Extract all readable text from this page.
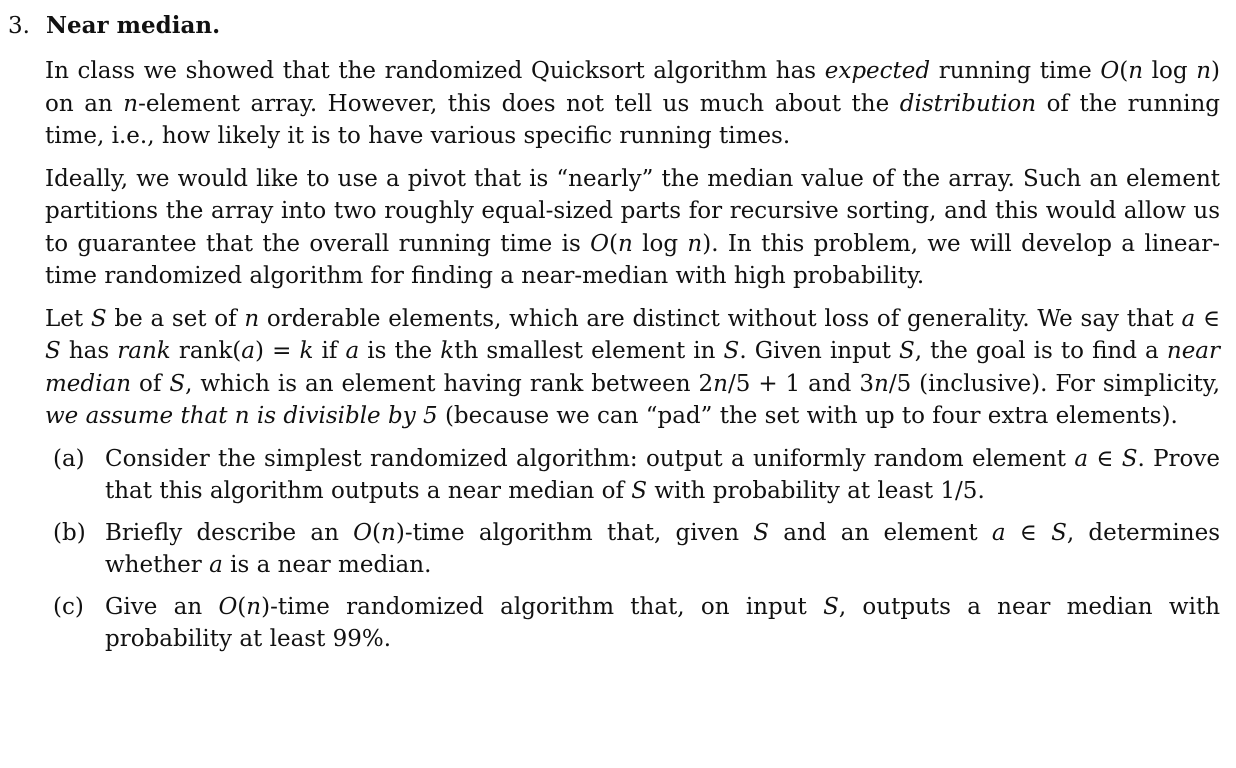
3. Near median.

In class we showed that the randomized Quicksort algorithm has expected running time O(n log n) on an n-element array. However, this does not tell us much about the distribution of the running time, i.e., how likely it is to have various specific running times.

Ideally, we would like to use a pivot that is “nearly” the median value of the array. Such an element partitions the array into two roughly equal-sized parts for recursive sorting, and this would allow us to guarantee that the overall running time is O(n log n). In this problem, we will develop a linear-time randomized algorithm for finding a near-median with high probability.

Let S be a set of n orderable elements, which are distinct without loss of generality. We say that a ∈ S has rank rank(a) = k if a is the kth smallest element in S. Given input S, the goal is to find a near median of S, which is an element having rank between 2n/5 + 1 and 3n/5 (inclusive). For simplicity, we assume that n is divisible by 5 (because we can “pad” the set with up to four extra elements).

(a) Consider the simplest randomized algorithm: output a uniformly random element a ∈ S. Prove that this algorithm outputs a near median of S with probability at least 1/5.
(b) Briefly describe an O(n)-time algorithm that, given S and an element a ∈ S, determines whether a is a near median.
(c) Give an O(n)-time randomized algorithm that, on input S, outputs a near median with probability at least 99%.
